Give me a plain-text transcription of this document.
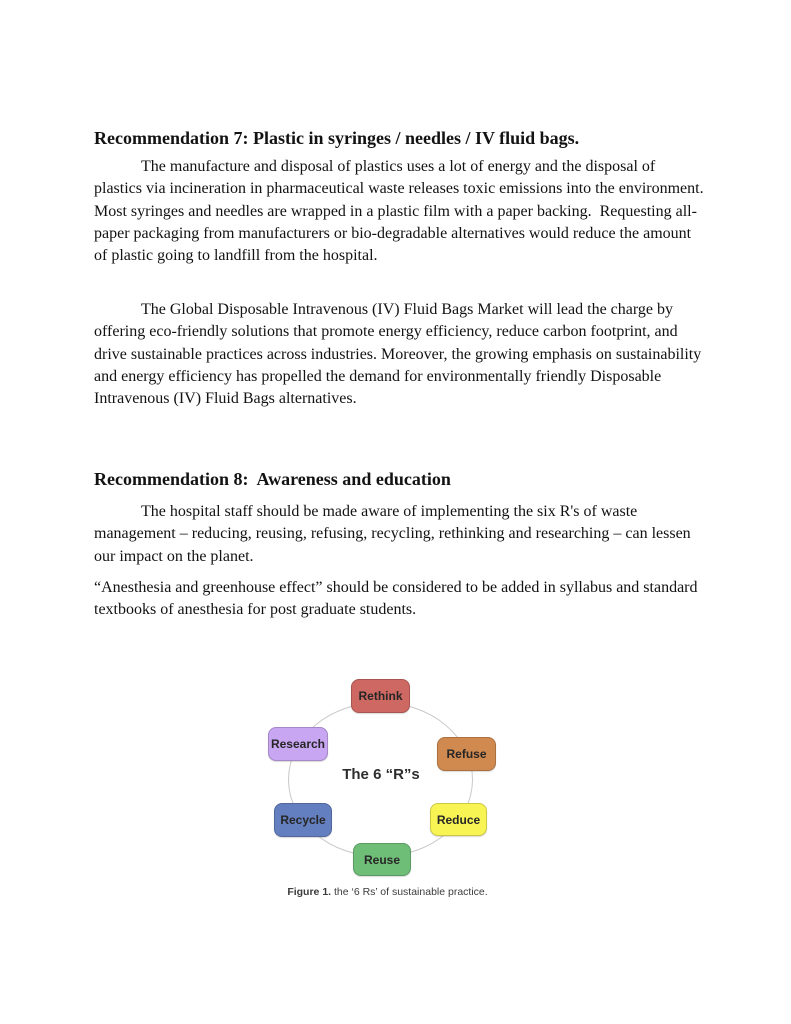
Recommendation 7: Plastic in syringes / needles / IV fluid bags.
The manufacture and disposal of plastics uses a lot of energy and the disposal of plastics via incineration in pharmaceutical waste releases toxic emissions into the environment.  Most syringes and needles are wrapped in a plastic film with a paper backing.  Requesting all-paper packaging from manufacturers or bio-degradable alternatives would reduce the amount of plastic going to landfill from the hospital.
The Global Disposable Intravenous (IV) Fluid Bags Market will lead the charge by offering eco-friendly solutions that promote energy efficiency, reduce carbon footprint, and drive sustainable practices across industries. Moreover, the growing emphasis on sustainability and energy efficiency has propelled the demand for environmentally friendly Disposable Intravenous (IV) Fluid Bags alternatives.
Recommendation 8:  Awareness and education
The hospital staff should be made aware of implementing the six R's of waste management – reducing, reusing, refusing, recycling, rethinking and researching – can lessen our impact on the planet.
“Anesthesia and greenhouse effect” should be considered to be added in syllabus and standard textbooks of anesthesia for post graduate students.
Rethink
Refuse
Reduce
Reuse
Recycle
Research
The 6 “R”s
Figure 1. the ‘6 Rs’ of sustainable practice.
